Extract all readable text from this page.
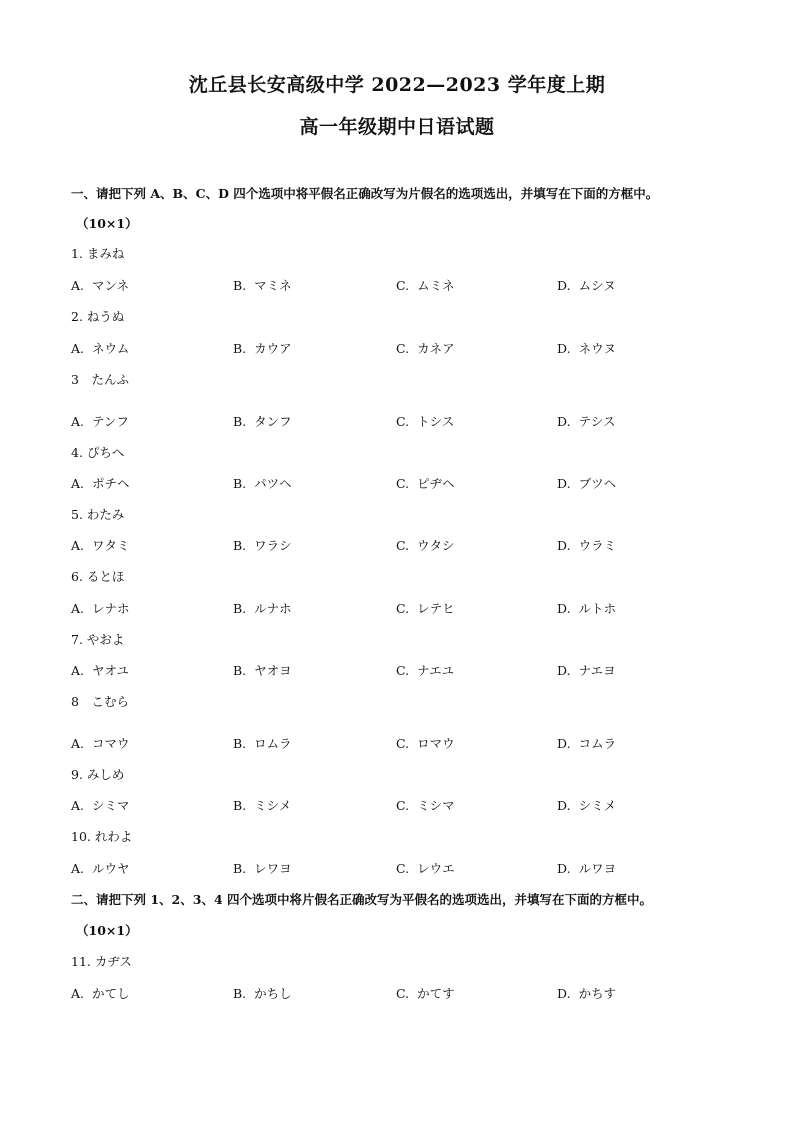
沈丘县长安高级中学 2022—2023 学年度上期
高一年级期中日语试题
一、请把下列 A、B、C、D 四个选项中将平假名正确改写为片假名的选项选出，并填写在下面的方框中。
（10×1）
1. まみね
A. マンネ	B. マミネ	C. ムミネ	D. ムシヌ
2. ねうぬ
A. ネウム	B. カウア	C. カネア	D. ネウヌ
3　たんふ
A. テンフ	B. タンフ	C. トシス	D. テシス
4. ぴちへ
A. ポチヘ	B. パツヘ	C. ピヂヘ	D. ブツヘ
5. わたみ
A. ワタミ	B. ワラシ	C. ウタシ	D. ウラミ
6. るとほ
A. レナホ	B. ルナホ	C. レテヒ	D. ルトホ
7. やおよ
A. ヤオユ	B. ヤオヨ	C. ナエユ	D. ナエヨ
8　こむら
A. コマウ	B. ロムラ	C. ロマウ	D. コムラ
9. みしめ
A. シミマ	B. ミシメ	C. ミシマ	D. シミメ
10. れわよ
A. ルウヤ	B. レワヨ	C. レウエ	D. ルワヨ
二、请把下列 1、2、3、4 四个选项中将片假名正确改写为平假名的选项选出，并填写在下面的方框中。
（10×1）
11. カヂス
A. かてし	B. かちし	C. かてす	D. かちす
